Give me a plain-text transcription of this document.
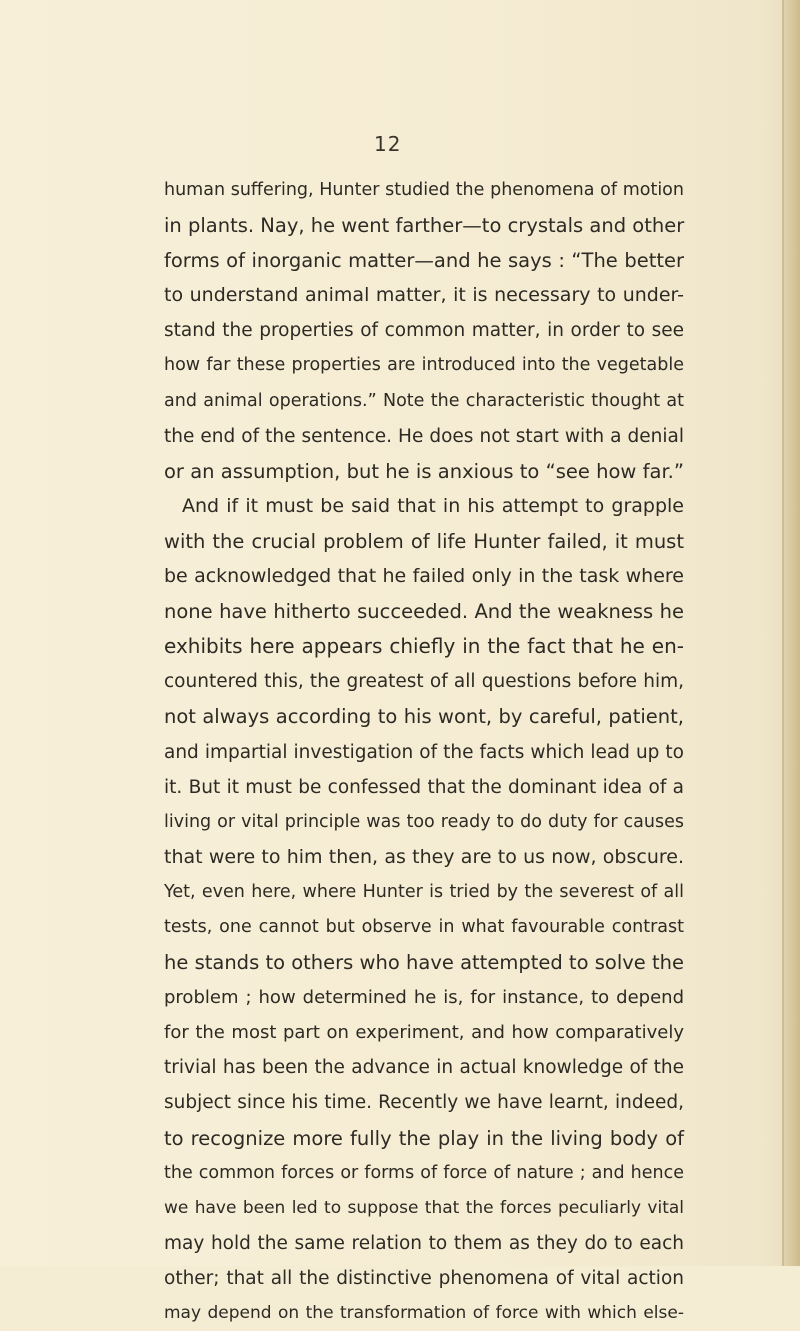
12
human suffering, Hunter studied the phenomena of motion
in plants. Nay, he went farther—to crystals and other
forms of inorganic matter—and he says : “The better
to understand animal matter, it is necessary to under-
stand the properties of common matter, in order to see
how far these properties are introduced into the vegetable
and animal operations.” Note the characteristic thought at
the end of the sentence. He does not start with a denial
or an assumption, but he is anxious to “see how far.”
And if it must be said that in his attempt to grapple
with the crucial problem of life Hunter failed, it must
be acknowledged that he failed only in the task where
none have hitherto succeeded. And the weakness he
exhibits here appears chiefly in the fact that he en-
countered this, the greatest of all questions before him,
not always according to his wont, by careful, patient,
and impartial investigation of the facts which lead up to
it. But it must be confessed that the dominant idea of a
living or vital principle was too ready to do duty for causes
that were to him then, as they are to us now, obscure.
Yet, even here, where Hunter is tried by the severest of all
tests, one cannot but observe in what favourable contrast
he stands to others who have attempted to solve the
problem ; how determined he is, for instance, to depend
for the most part on experiment, and how comparatively
trivial has been the advance in actual knowledge of the
subject since his time. Recently we have learnt, indeed,
to recognize more fully the play in the living body of
the common forces or forms of force of nature ; and hence
we have been led to suppose that the forces peculiarly vital
may hold the same relation to them as they do to each
other; that all the distinctive phenomena of vital action
may depend on the transformation of force with which else-
